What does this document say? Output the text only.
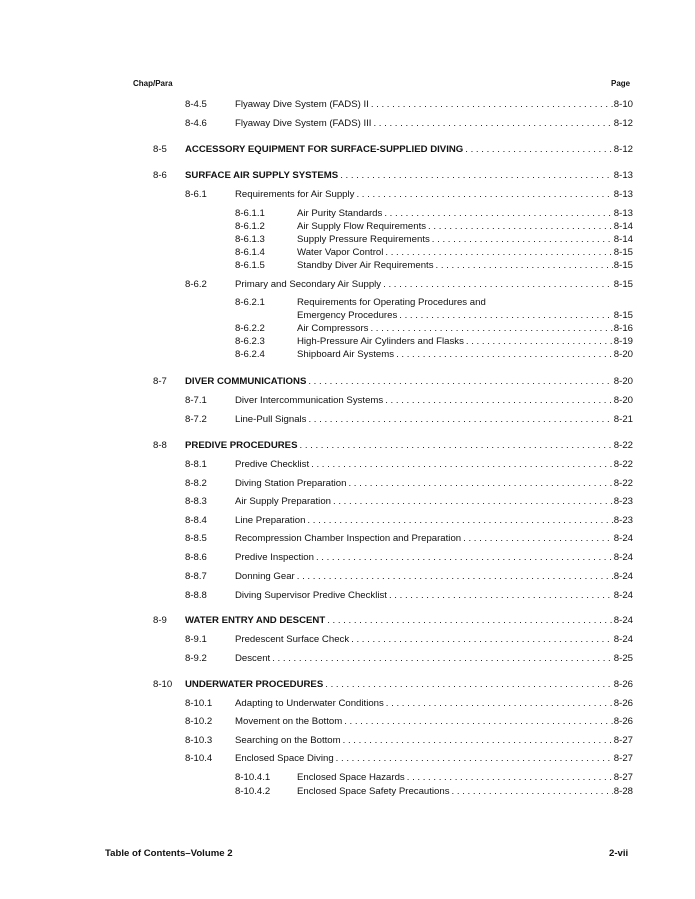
Chap/Para	Page
8-4.5	Flyaway Dive System (FADS) II . . .	8-10
8-4.6	Flyaway Dive System (FADS) III . . .	8-12
8-5 ACCESSORY EQUIPMENT FOR SURFACE-SUPPLIED DIVING . . .	8-12
8-6 SURFACE AIR SUPPLY SYSTEMS . . .	8-13
8-6.1	Requirements for Air Supply . . .	8-13
8-6.1.1	Air Purity Standards . . .	8-13
8-6.1.2	Air Supply Flow Requirements . . .	8-14
8-6.1.3	Supply Pressure Requirements . . .	8-14
8-6.1.4	Water Vapor Control . . .	8-15
8-6.1.5	Standby Diver Air Requirements . . .	8-15
8-6.2	Primary and Secondary Air Supply . . .	8-15
8-6.2.1	Requirements for Operating Procedures and
Emergency Procedures . . .	8-15
8-6.2.2	Air Compressors . . .	8-16
8-6.2.3	High-Pressure Air Cylinders and Flasks . . .	8-19
8-6.2.4	Shipboard Air Systems . . .	8-20
8-7 DIVER COMMUNICATIONS . . .	8-20
8-7.1	Diver Intercommunication Systems . . .	8-20
8-7.2	Line-Pull Signals . . .	8-21
8-8 PREDIVE PROCEDURES . . .	8-22
8-8.1	Predive Checklist . . .	8-22
8-8.2	Diving Station Preparation . . .	8-22
8-8.3	Air Supply Preparation . . .	8-23
8-8.4	Line Preparation . . .	8-23
8-8.5	Recompression Chamber Inspection and Preparation . . .	8-24
8-8.6	Predive Inspection . . .	8-24
8-8.7	Donning Gear . . .	8-24
8-8.8	Diving Supervisor Predive Checklist . . .	8-24
8-9 WATER ENTRY AND DESCENT . . .	8-24
8-9.1	Predescent Surface Check . . .	8-24
8-9.2	Descent . . .	8-25
8-10 UNDERWATER PROCEDURES . . .	8-26
8-10.1 Adapting to Underwater Conditions . . .	8-26
8-10.2 Movement on the Bottom . . .	8-26
8-10.3 Searching on the Bottom . . .	8-27
8-10.4 Enclosed Space Diving . . .	8-27
8-10.4.1	Enclosed Space Hazards . . .	8-27
8-10.4.2	Enclosed Space Safety Precautions . . .	8-28
Table of Contents–Volume 2	2-vii
